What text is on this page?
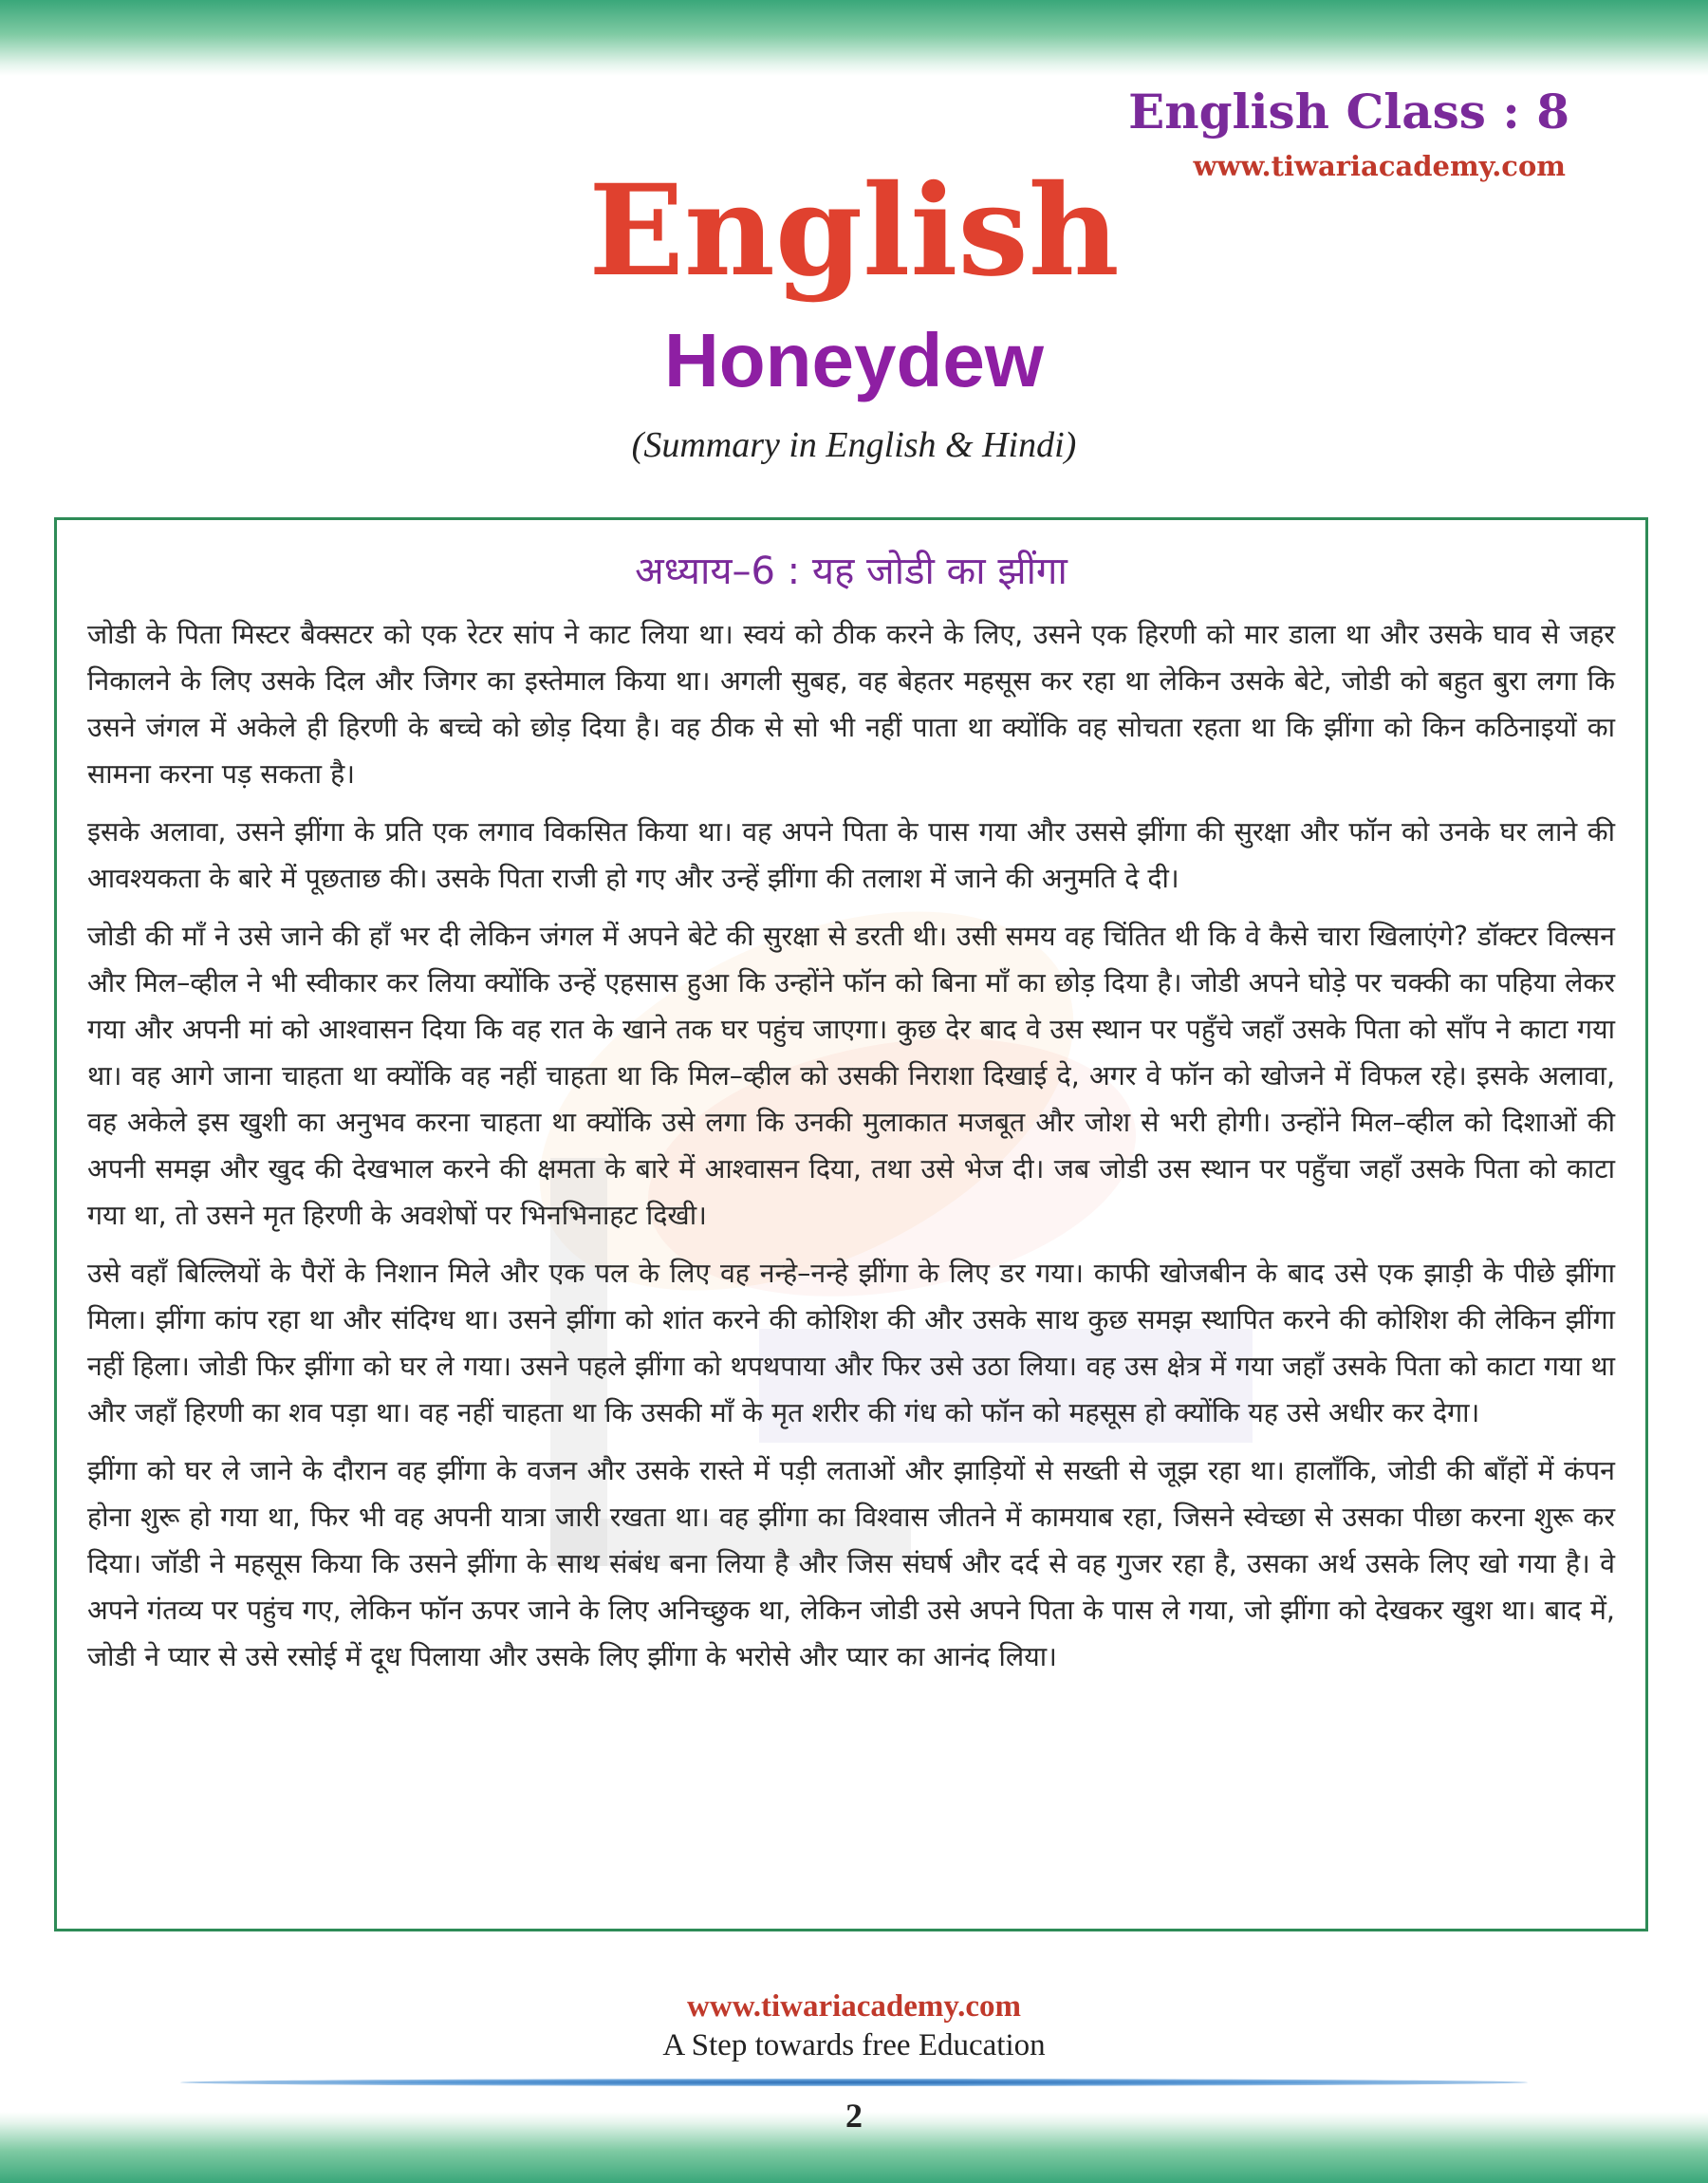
English Class : 8
www.tiwariacademy.com
English
Honeydew
(Summary in English & Hindi)
अध्याय–6 : यह जोडी का झींगा

जोडी के पिता मिस्टर बैक्सटर को एक रेटर सांप ने काट लिया था। स्वयं को ठीक करने के लिए, उसने एक हिरणी को मार डाला था और उसके घाव से जहर निकालने के लिए उसके दिल और जिगर का इस्तेमाल किया था। अगली सुबह, वह बेहतर महसूस कर रहा था लेकिन उसके बेटे, जोडी को बहुत बुरा लगा कि उसने जंगल में अकेले ही हिरणी के बच्चे को छोड़ दिया है। वह ठीक से सो भी नहीं पाता था क्योंकि वह सोचता रहता था कि झींगा को किन कठिनाइयों का सामना करना पड़ सकता है।

इसके अलावा, उसने झींगा के प्रति एक लगाव विकसित किया था। वह अपने पिता के पास गया और उससे झींगा की सुरक्षा और फॉन को उनके घर लाने की आवश्यकता के बारे में पूछताछ की। उसके पिता राजी हो गए और उन्हें झींगा की तलाश में जाने की अनुमति दे दी।

जोडी की माँ ने उसे जाने की हाँ भर दी लेकिन जंगल में अपने बेटे की सुरक्षा से डरती थी। उसी समय वह चिंतित थी कि वे कैसे चारा खिलाएंगे? डॉक्टर विल्सन और मिल–व्हील ने भी स्वीकार कर लिया क्योंकि उन्हें एहसास हुआ कि उन्होंने फॉन को बिना माँ का छोड़ दिया है। जोडी अपने घोड़े पर चक्की का पहिया लेकर गया और अपनी मां को आश्वासन दिया कि वह रात के खाने तक घर पहुंच जाएगा। कुछ देर बाद वे उस स्थान पर पहुँचे जहाँ उसके पिता को साँप ने काटा गया था। वह आगे जाना चाहता था क्योंकि वह नहीं चाहता था कि मिल–व्हील को उसकी निराशा दिखाई दे, अगर वे फॉन को खोजने में विफल रहे। इसके अलावा, वह अकेले इस खुशी का अनुभव करना चाहता था क्योंकि उसे लगा कि उनकी मुलाकात मजबूत और जोश से भरी होगी। उन्होंने मिल–व्हील को दिशाओं की अपनी समझ और खुद की देखभाल करने की क्षमता के बारे में आश्वासन दिया, तथा उसे भेज दी। जब जोडी उस स्थान पर पहुँचा जहाँ उसके पिता को काटा गया था, तो उसने मृत हिरणी के अवशेषों पर भिनभिनाहट दिखी।

उसे वहाँ बिल्लियों के पैरों के निशान मिले और एक पल के लिए वह नन्हे–नन्हे झींगा के लिए डर गया। काफी खोजबीन के बाद उसे एक झाड़ी के पीछे झींगा मिला। झींगा कांप रहा था और संदिग्ध था। उसने झींगा को शांत करने की कोशिश की और उसके साथ कुछ समझ स्थापित करने की कोशिश की लेकिन झींगा नहीं हिला। जोडी फिर झींगा को घर ले गया। उसने पहले झींगा को थपथपाया और फिर उसे उठा लिया। वह उस क्षेत्र में गया जहाँ उसके पिता को काटा गया था और जहाँ हिरणी का शव पड़ा था। वह नहीं चाहता था कि उसकी माँ के मृत शरीर की गंध को फॉन को महसूस हो क्योंकि यह उसे अधीर कर देगा।

झींगा को घर ले जाने के दौरान वह झींगा के वजन और उसके रास्ते में पड़ी लताओं और झाड़ियों से सख्ती से जूझ रहा था। हालाँकि, जोडी की बाँहों में कंपन होना शुरू हो गया था, फिर भी वह अपनी यात्रा जारी रखता था। वह झींगा का विश्वास जीतने में कामयाब रहा, जिसने स्वेच्छा से उसका पीछा करना शुरू कर दिया। जॉडी ने महसूस किया कि उसने झींगा के साथ संबंध बना लिया है और जिस संघर्ष और दर्द से वह गुजर रहा है, उसका अर्थ उसके लिए खो गया है। वे अपने गंतव्य पर पहुंच गए, लेकिन फॉन ऊपर जाने के लिए अनिच्छुक था, लेकिन जोडी उसे अपने पिता के पास ले गया, जो झींगा को देखकर खुश था। बाद में, जोडी ने प्यार से उसे रसोई में दूध पिलाया और उसके लिए झींगा के भरोसे और प्यार का आनंद लिया।

www.tiwariacademy.com
A Step towards free Education
2
